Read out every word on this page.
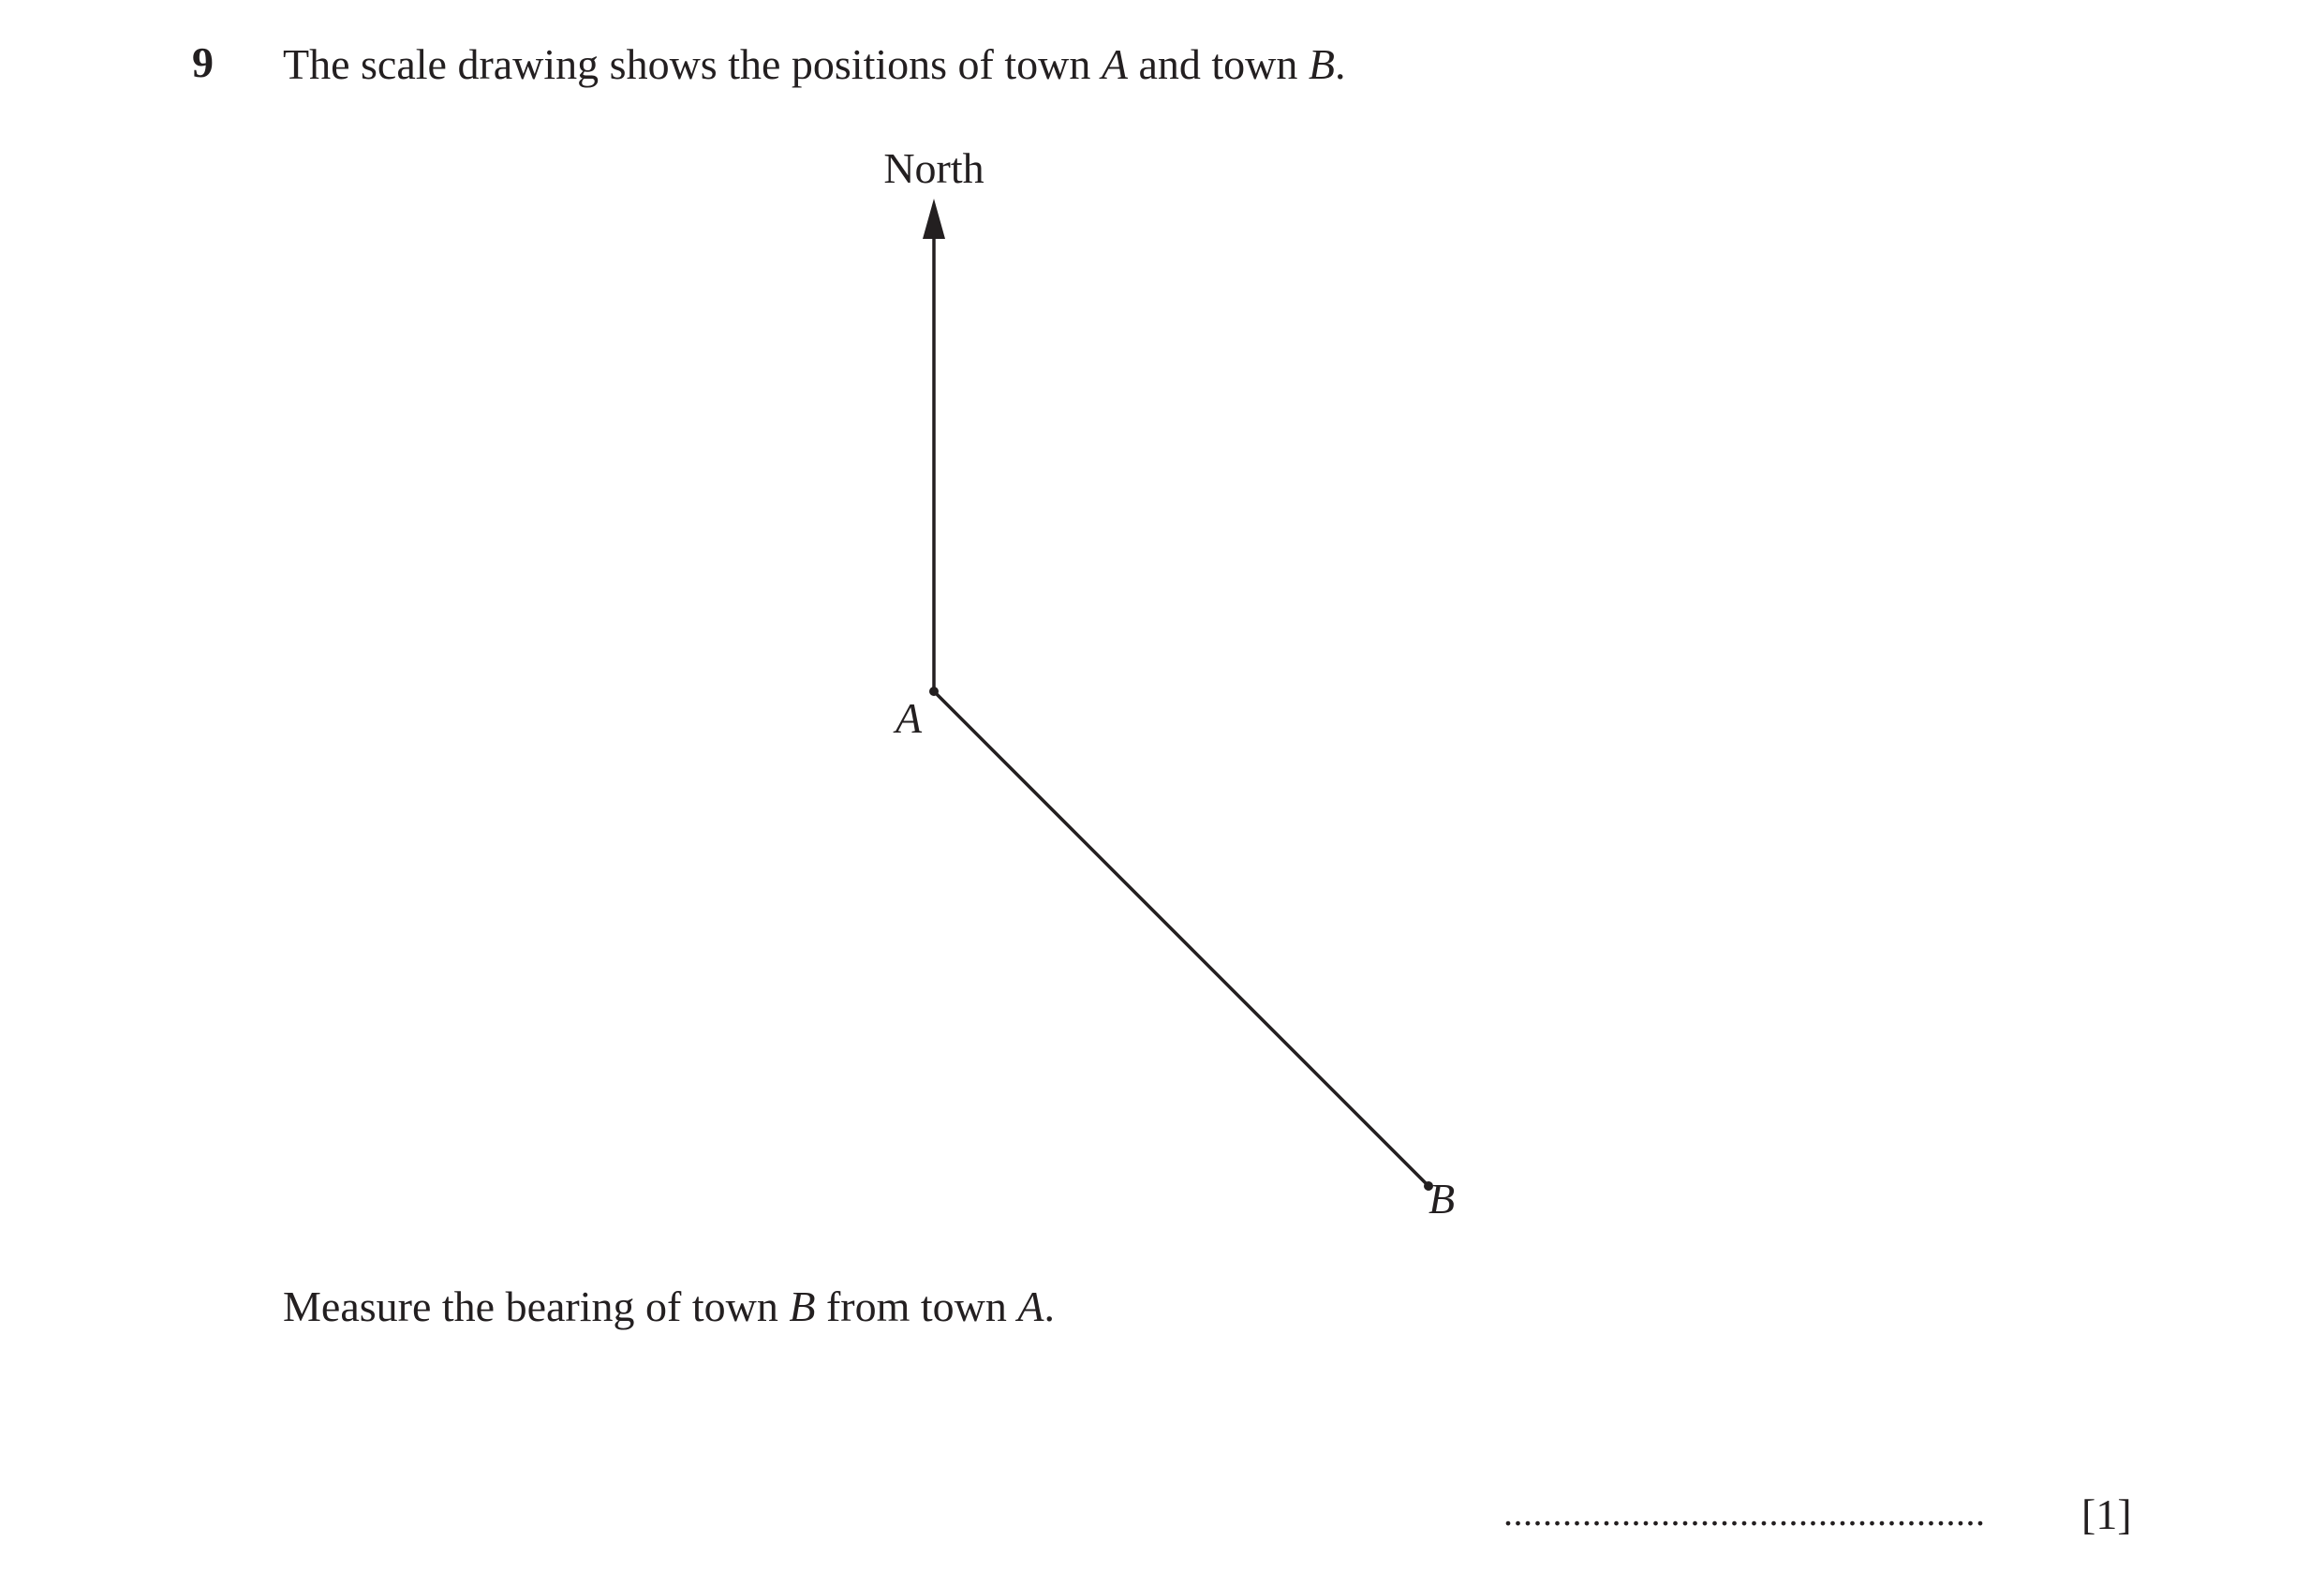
9 The scale drawing shows the positions of town A and town B.
North
A
B
Measure the bearing of town B from town A.
................................................. [1]
